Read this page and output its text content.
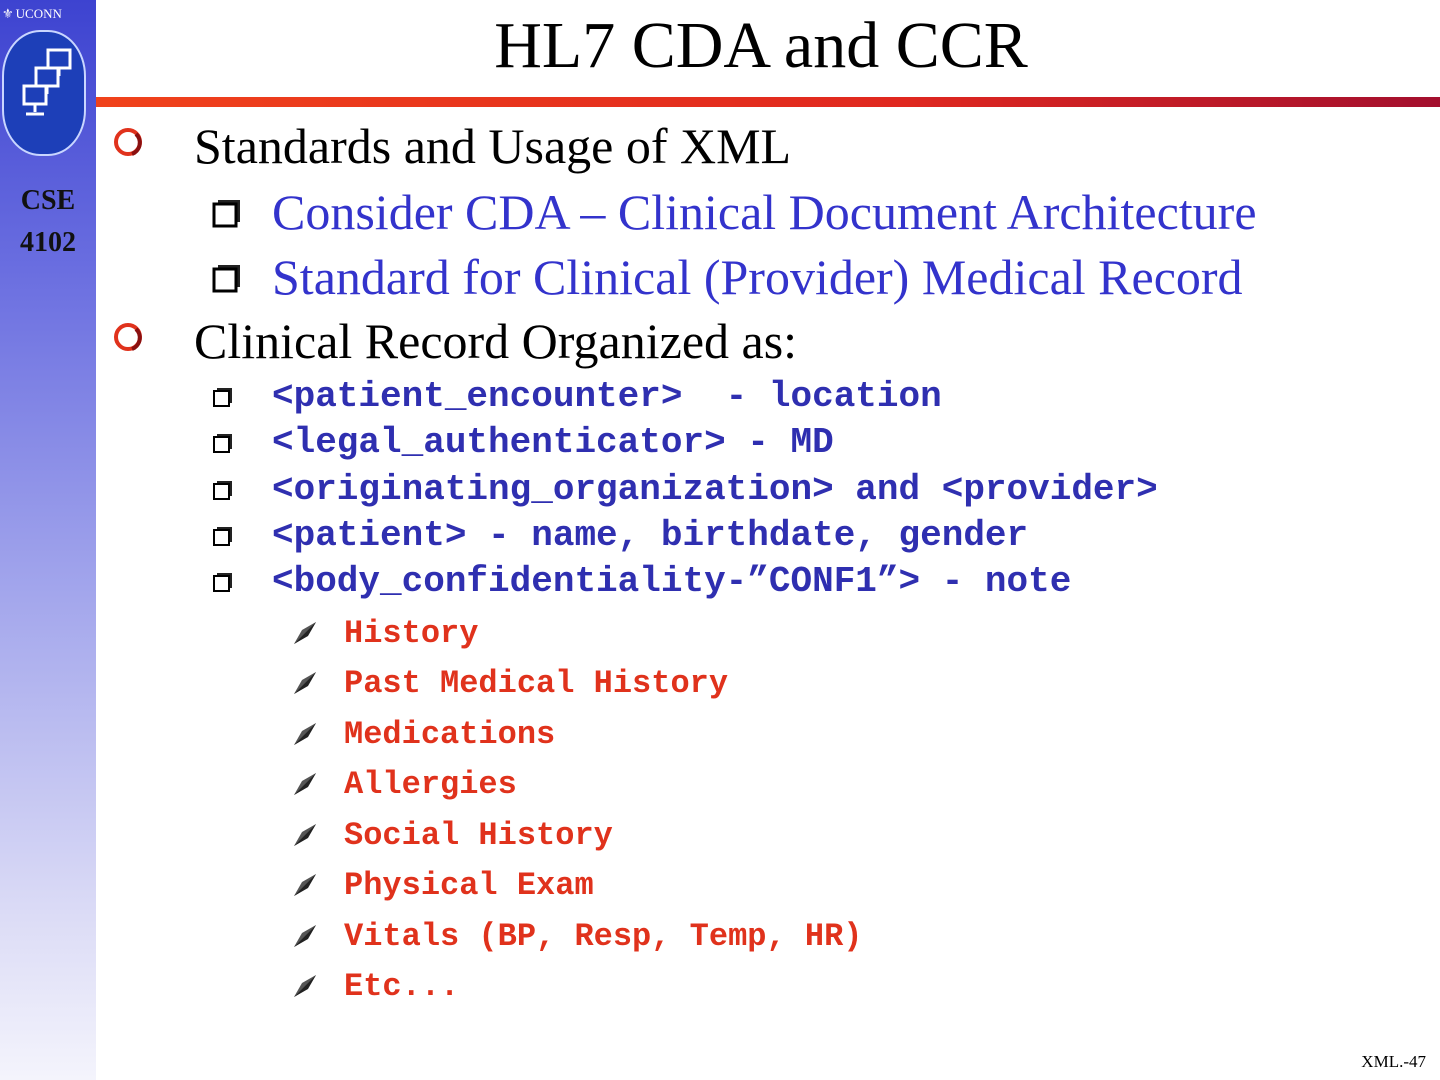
⚜ UCONN
CSE
4102
HL7 CDA and CCR
Standards and Usage of XML
Consider CDA – Clinical Document Architecture
Standard for Clinical (Provider) Medical Record
Clinical Record Organized as:
<patient_encounter>  - location
<legal_authenticator> - MD
<originating_organization> and <provider>
<patient> - name, birthdate, gender
<body_confidentiality-”CONF1”> - note
History
Past Medical History
Medications
Allergies
Social History
Physical Exam
Vitals (BP, Resp, Temp, HR)
Etc...
XML.-47
